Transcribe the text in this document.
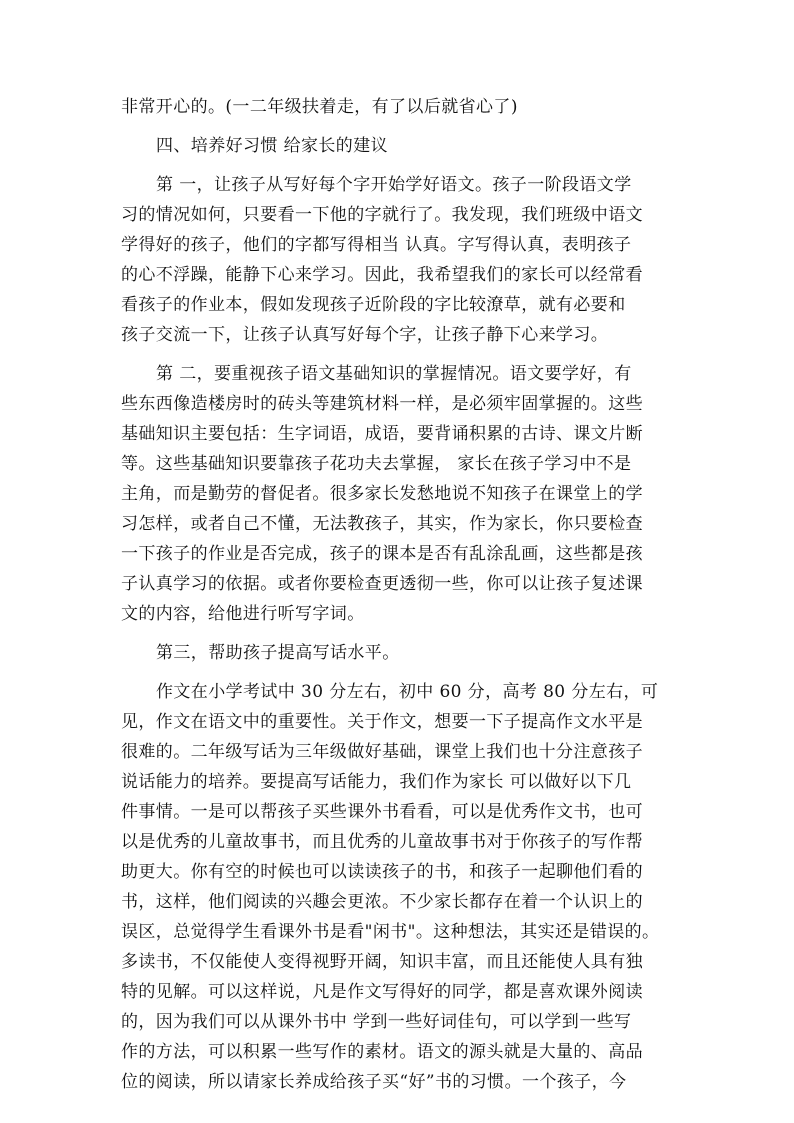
非常开心的。(一二年级扶着走，有了以后就省心了)
四、培养好习惯 给家长的建议
第 一，让孩子从写好每个字开始学好语文。孩子一阶段语文学
习的情况如何，只要看一下他的字就行了。我发现，我们班级中语文
学得好的孩子，他们的字都写得相当 认真。字写得认真，表明孩子
的心不浮躁，能静下心来学习。因此，我希望我们的家长可以经常看
看孩子的作业本，假如发现孩子近阶段的字比较潦草，就有必要和
孩子交流一下，让孩子认真写好每个字，让孩子静下心来学习。
第 二，要重视孩子语文基础知识的掌握情况。语文要学好，有
些东西像造楼房时的砖头等建筑材料一样，是必须牢固掌握的。这些
基础知识主要包括：生字词语，成语，要背诵积累的古诗、课文片断
等。这些基础知识要靠孩子花功夫去掌握， 家长在孩子学习中不是
主角，而是勤劳的督促者。很多家长发愁地说不知孩子在课堂上的学
习怎样，或者自己不懂，无法教孩子，其实，作为家长，你只要检查
一下孩子的作业是否完成，孩子的课本是否有乱涂乱画，这些都是孩
子认真学习的依据。或者你要检查更透彻一些，你可以让孩子复述课
文的内容，给他进行听写字词。
第三，帮助孩子提高写话水平。
作文在小学考试中 30 分左右，初中 60 分，高考 80 分左右，可
见，作文在语文中的重要性。关于作文，想要一下子提高作文水平是
很难的。二年级写话为三年级做好基础，课堂上我们也十分注意孩子
说话能力的培养。要提高写话能力，我们作为家长 可以做好以下几
件事情。一是可以帮孩子买些课外书看看，可以是优秀作文书，也可
以是优秀的儿童故事书，而且优秀的儿童故事书对于你孩子的写作帮
助更大。你有空的时候也可以读读孩子的书，和孩子一起聊他们看的
书，这样，他们阅读的兴趣会更浓。不少家长都存在着一个认识上的
误区，总觉得学生看课外书是看"闲书"。这种想法，其实还是错误的。
多读书，不仅能使人变得视野开阔，知识丰富，而且还能使人具有独
特的见解。可以这样说，凡是作文写得好的同学，都是喜欢课外阅读
的，因为我们可以从课外书中 学到一些好词佳句，可以学到一些写
作的方法，可以积累一些写作的素材。语文的源头就是大量的、高品
位的阅读，所以请家长养成给孩子买“好”书的习惯。一个孩子，今
